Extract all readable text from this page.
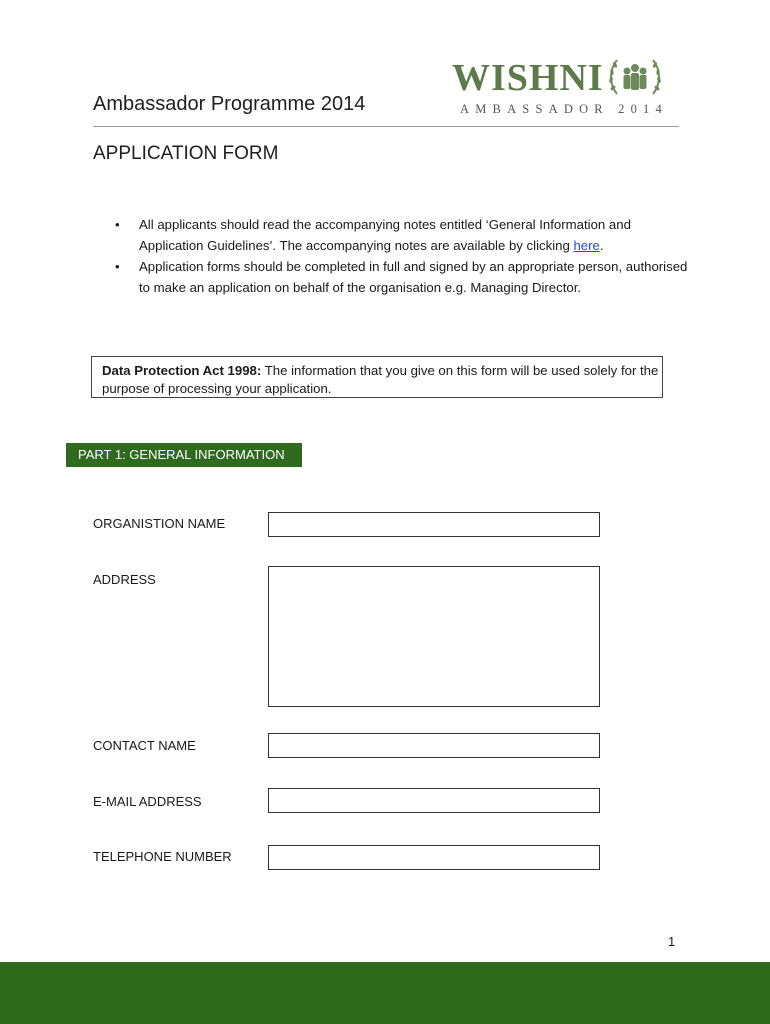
Ambassador Programme 2014
WISHNI
AMBASSADOR 2014
APPLICATION FORM

• All applicants should read the accompanying notes entitled ‘General Information and Application Guidelines’. The accompanying notes are available by clicking here.

• Application forms should be completed in full and signed by an appropriate person, authorised to make an application on behalf of the organisation e.g. Managing Director.

Data Protection Act 1998: The information that you give on this form will be used solely for the purpose of processing your application.
PART 1: GENERAL INFORMATION
ORGANISTION NAME
ADDRESS
CONTACT NAME
E-MAIL ADDRESS
TELEPHONE NUMBER
1
